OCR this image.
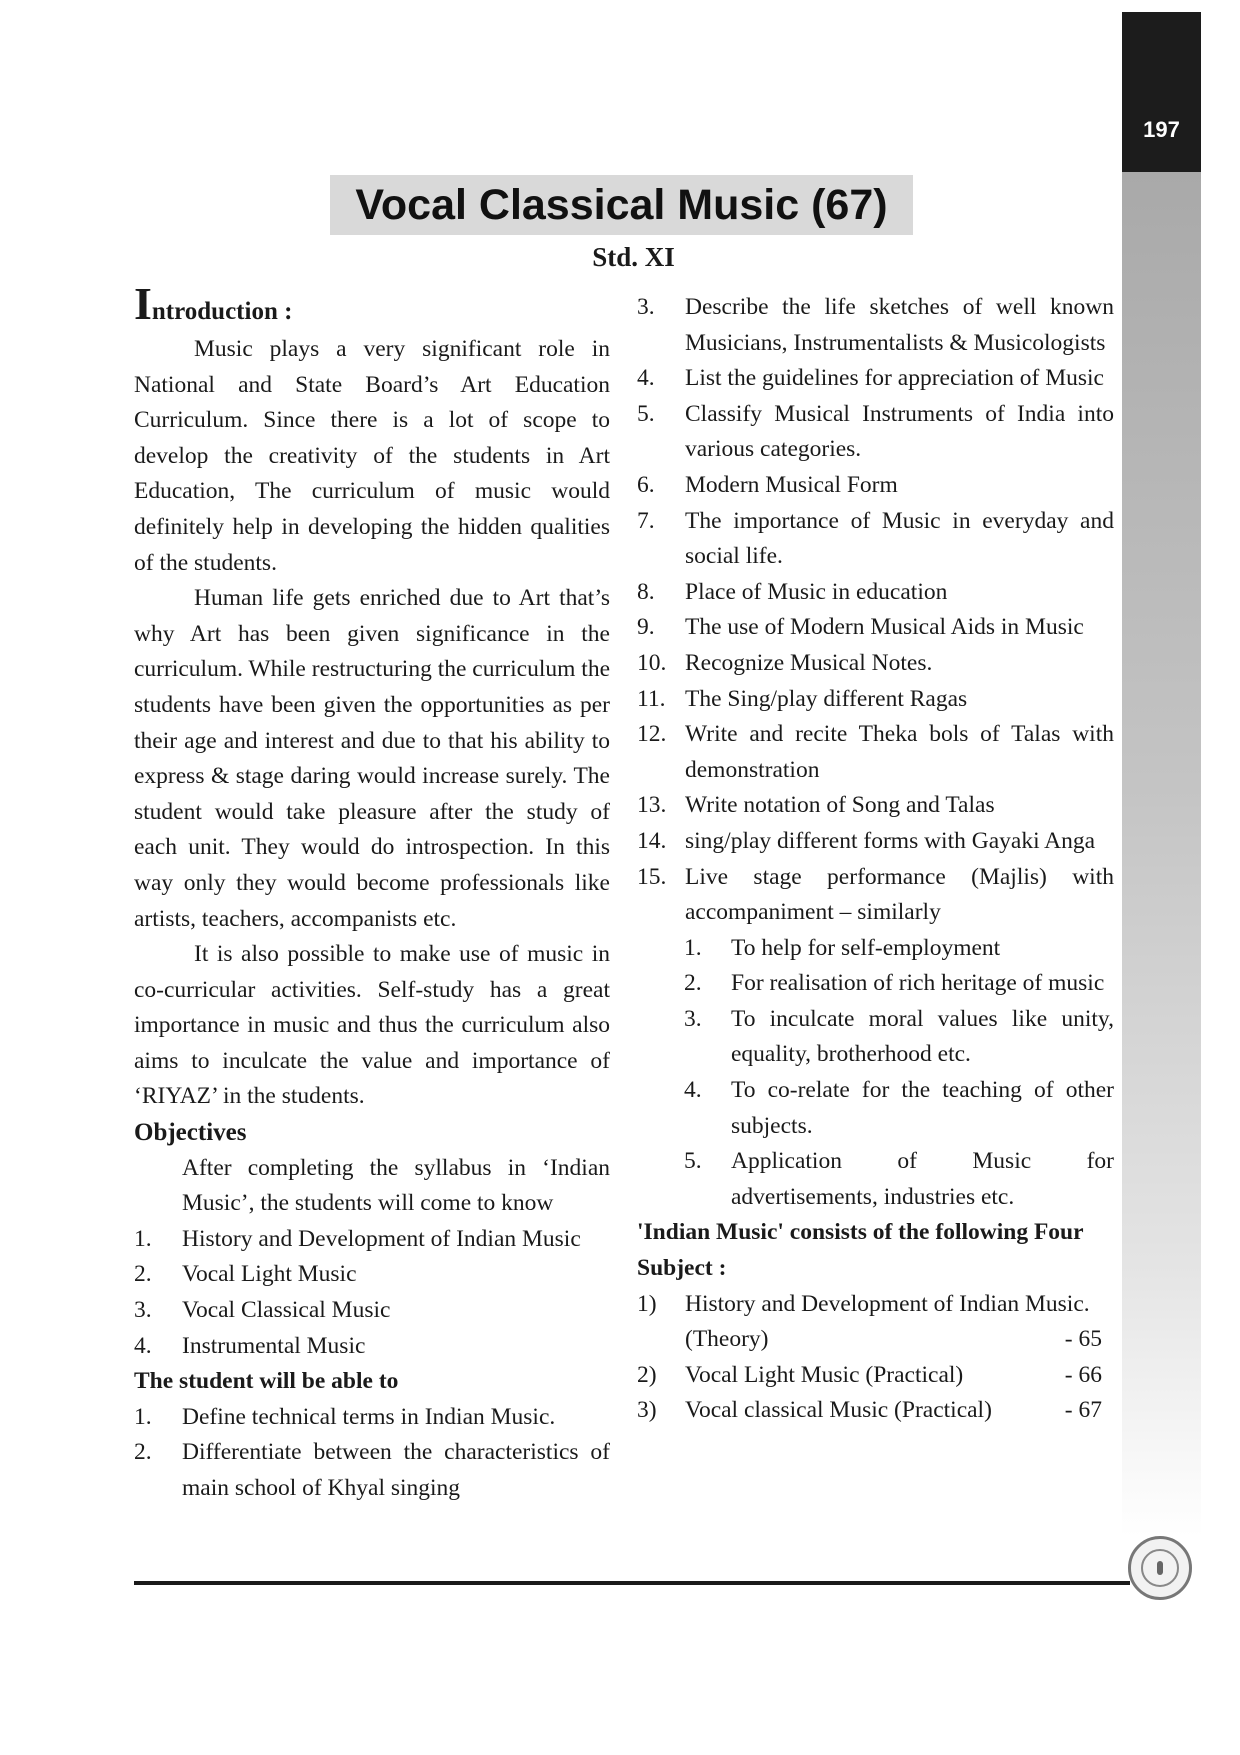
197
Vocal Classical Music (67)
Std. XI
Introduction :

Music plays a very significant role in National and State Board’s Art Education Curriculum. Since there is a lot of scope to develop the creativity of the students in Art Education, The curriculum of music would definitely help in developing the hidden qualities of the students.

Human life gets enriched due to Art that’s why Art has been given significance in the curriculum. While restructuring the curriculum the students have been given the opportunities as per their age and interest and due to that his ability to express & stage daring would increase surely. The student would take pleasure after the study of each unit. They would do introspection. In this way only they would become professionals like artists, teachers, accompanists etc.

It is also possible to make use of music in co-curricular activities. Self-study has a great importance in music and thus the curriculum also aims to inculcate the value and importance of ‘RIYAZ’ in the students.

Objectives
After completing the syllabus in ‘Indian Music’, the students will come to know
1. History and Development of Indian Music
2. Vocal Light Music
3. Vocal Classical Music
4. Instrumental Music
The student will be able to
1. Define technical terms in Indian Music.
2. Differentiate between the characteristics of main school of Khyal singing
3. Describe the life sketches of well known Musicians, Instrumentalists & Musicologists
4. List the guidelines for appreciation of Music
5. Classify Musical Instruments of India into various categories.
6. Modern Musical Form
7. The importance of Music in everyday and social life.
8. Place of Music in education
9. The use of Modern Musical Aids in Music
10. Recognize Musical Notes.
11. The Sing/play different Ragas
12. Write and recite Theka bols of Talas with demonstration
13. Write notation of Song and Talas
14. sing/play different forms with Gayaki Anga
15. Live stage performance (Majlis) with accompaniment – similarly
1. To help for self-employment
2. For realisation of rich heritage of music
3. To inculcate moral values like unity, equality, brotherhood etc.
4. To co-relate for the teaching of other subjects.
5. Application of Music for advertisements, industries etc.
'Indian Music' consists of the following Four Subject :
1) History and Development of Indian Music.
(Theory)	- 65
2) Vocal Light Music (Practical)	- 66
3) Vocal classical Music (Practical)	- 67
